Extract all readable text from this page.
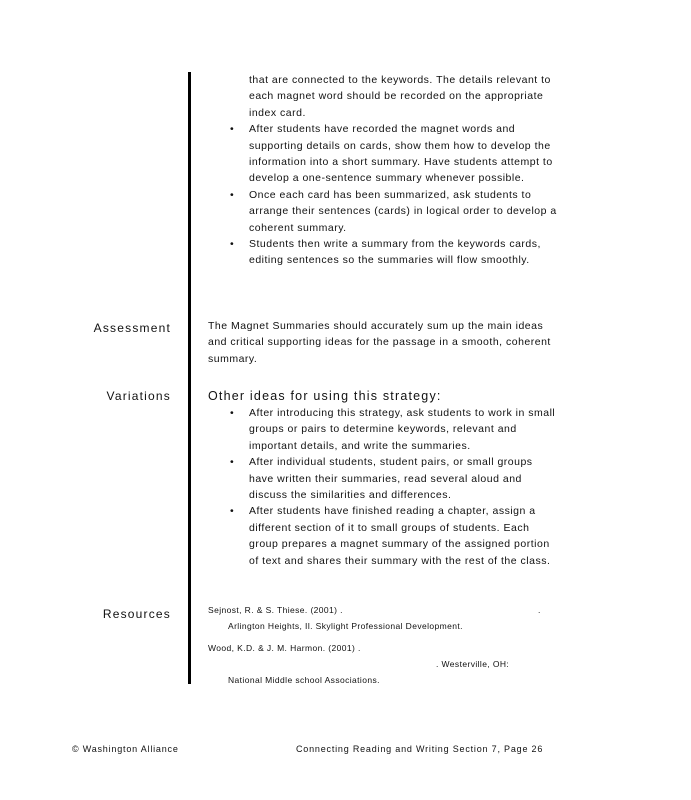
that are connected to the keywords. The details relevant to each magnet word should be recorded on the appropriate index card.
• After students have recorded the magnet words and supporting details on cards, show them how to develop the information into a short summary. Have students attempt to develop a one-sentence summary whenever possible.
• Once each card has been summarized, ask students to arrange their sentences (cards) in logical order to develop a coherent summary.
• Students then write a summary from the keywords cards, editing sentences so the summaries will flow smoothly.
Assessment	The Magnet Summaries should accurately sum up the main ideas and critical supporting ideas for the passage in a smooth, coherent summary.
Variations	Other ideas for using this strategy:
• After introducing this strategy, ask students to work in small groups or pairs to determine keywords, relevant and important details, and write the summaries.
• After individual students, student pairs, or small groups have written their summaries, read several aloud and discuss the similarities and differences.
• After students have finished reading a chapter, assign a different section of it to small groups of students. Each group prepares a magnet summary of the assigned portion of text and shares their summary with the rest of the class.
Resources	Sejnost, R. & S. Thiese. (2001) .	.
Arlington Heights, Il. Skylight Professional Development.
Wood, K.D. & J. M. Harmon. (2001) .
. Westerville, OH:
National Middle school Associations.
© Washington Alliance	Connecting Reading and Writing Section 7, Page 26
